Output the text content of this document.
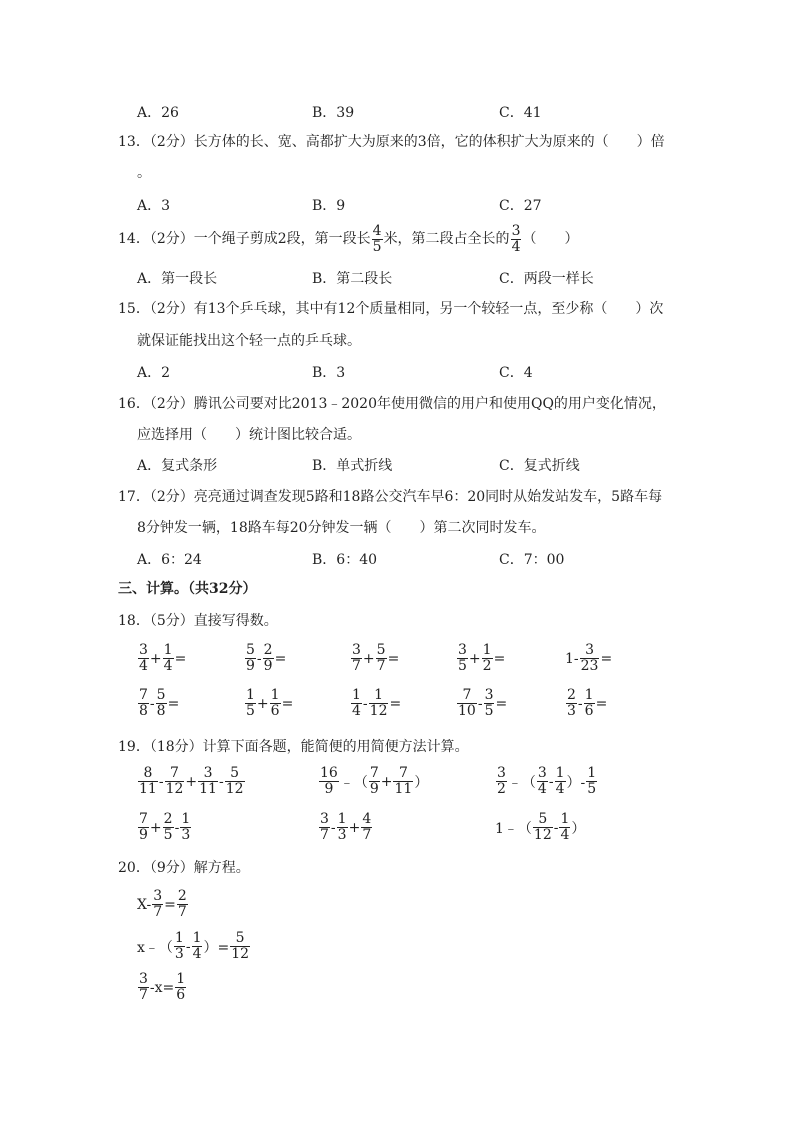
A．26	B．39	C．41
13．（2分）长方体的长、宽、高都扩大为原来的3倍，它的体积扩大为原来的（　　）倍
。
A．3	B．9	C．27
14．（2分）一个绳子剪成2段，第一段长 $\frac{4}{5}$ 米，第二段占全长的 $\frac{3}{4}$ （　　）
A．第一段长	B．第二段长	C．两段一样长
15．（2分）有13个乒乓球，其中有12个质量相同，另一个较轻一点，至少称（　　）次
就保证能找出这个轻一点的乒乓球。
A．2	B．3	C．4
16．（2分）腾讯公司要对比2013﹣2020年使用微信的用户和使用QQ的用户变化情况，
应选择用（　　）统计图比较合适。
A．复式条形	B．单式折线	C．复式折线
17．（2分）亮亮通过调查发现5路和18路公交汽车早6：20同时从始发站发车，5路车每
8分钟发一辆，18路车每20分钟发一辆（　　）第二次同时发车。
A．6：24	B．6：40	C．7：00
三、计算。（共32分）
18．（5分）直接写得数。
19．（18分）计算下面各题，能简便的用简便方法计算。
20．（9分）解方程。
$\frac{3}{4} + \frac{1}{4}$ =	$\frac{5}{9} - \frac{2}{9}$ =	$\frac{3}{7} + \frac{5}{7}$ =	$\frac{3}{5} + \frac{1}{2}$ =	$1- \frac{3}{23}$ =
$\frac{7}{8} - \frac{5}{8}$ =	$\frac{1}{5} + \frac{1}{6}$ =	$\frac{1}{4} - \frac{1}{12}$ =	$\frac{7}{10} - \frac{3}{5}$ =	$\frac{2}{3} - \frac{1}{6}$ =
$\frac{8}{11} - \frac{7}{12} + \frac{3}{11} - \frac{5}{12}$	$\frac{16}{9}$ ﹣（ $\frac{7}{9} + \frac{7}{11}$ ）	$\frac{3}{2}$ ﹣（ $\frac{3}{4} - \frac{1}{4}$ ）- $\frac{1}{5}$
$\frac{7}{9} + \frac{2}{5} - \frac{1}{3}$	$\frac{3}{7} - \frac{1}{3} + \frac{4}{7}$	1﹣（ $\frac{5}{12} - \frac{1}{4}$ ）
$X- \frac{3}{7} = \frac{2}{7}$
x﹣（ $\frac{1}{3} - \frac{1}{4}$ ）= $\frac{5}{12}$
$\frac{3}{7} -x= \frac{1}{6}$
